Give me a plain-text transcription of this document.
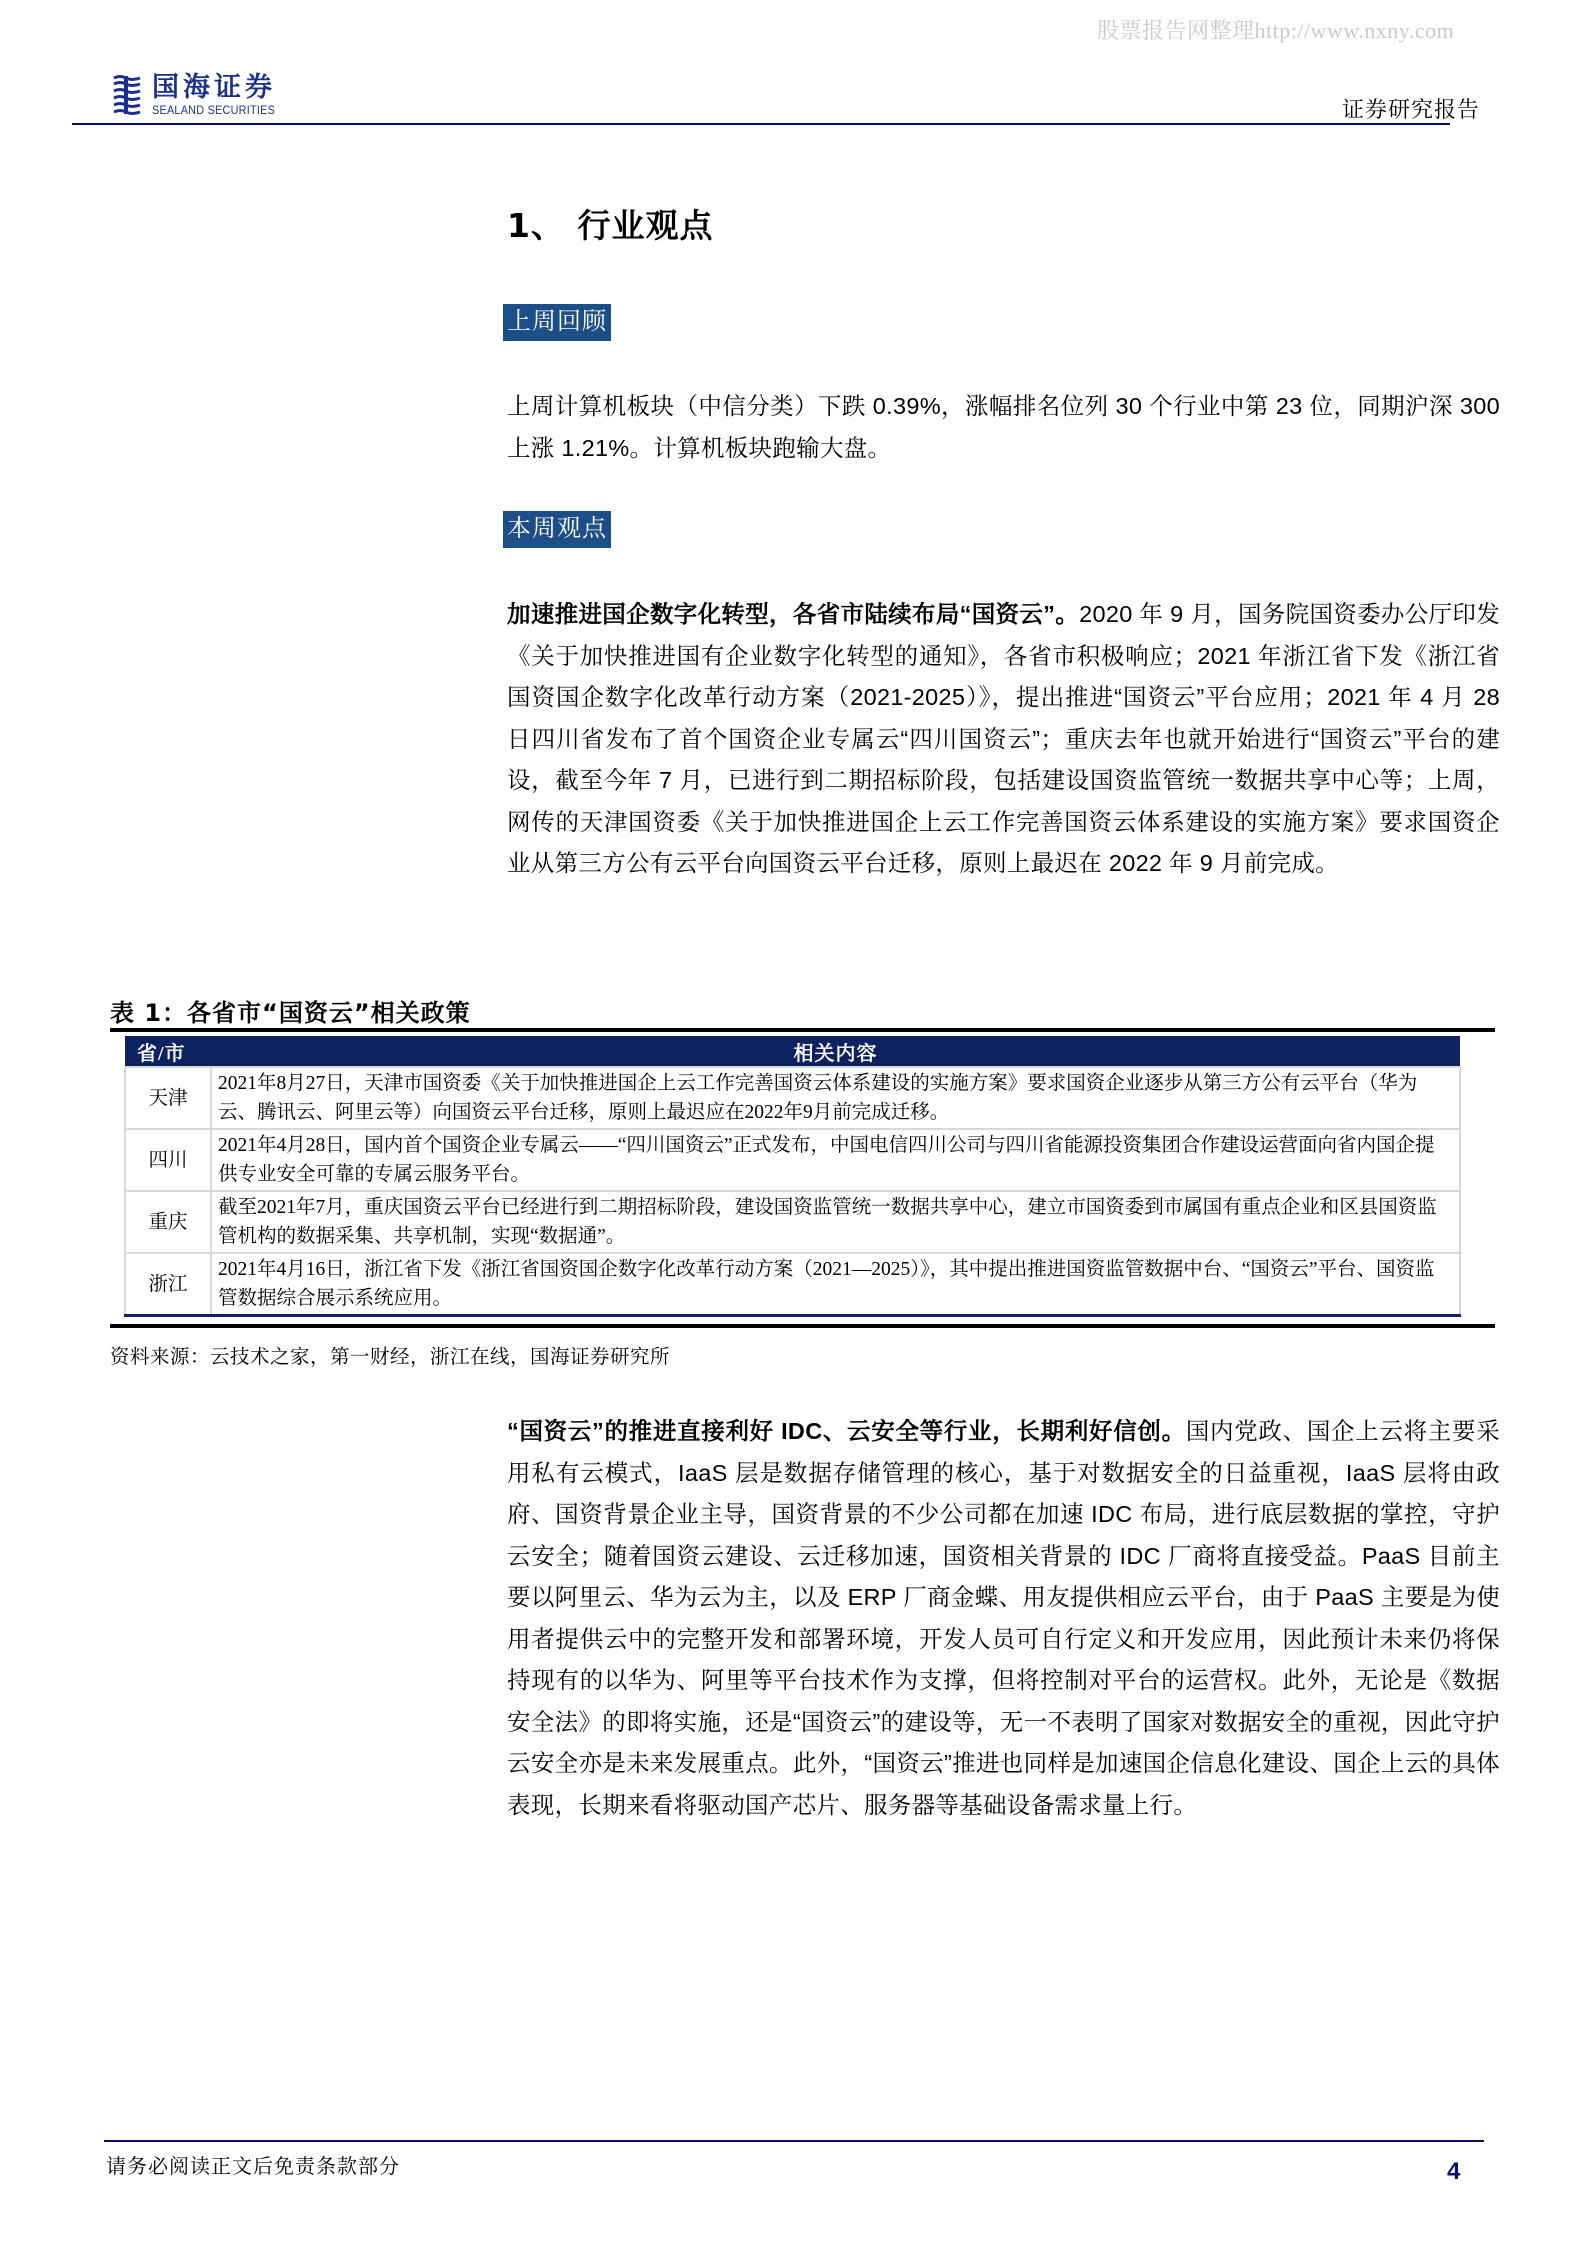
股票报告网整理http://www.nxny.com
国海证券
SEALAND SECURITIES	证券研究报告
1、 行业观点
上周回顾
上周计算机板块（中信分类）下跌 0.39%，涨幅排名位列 30 个行业中第 23 位，同期沪深 300 上涨 1.21%。计算机板块跑输大盘。
本周观点
加速推进国企数字化转型，各省市陆续布局“国资云”。2020 年 9 月，国务院国资委办公厅印发《关于加快推进国有企业数字化转型的通知》，各省市积极响应；2021 年浙江省下发《浙江省国资国企数字化改革行动方案（2021-2025）》，提出推进“国资云”平台应用；2021 年 4 月 28 日四川省发布了首个国资企业专属云“四川国资云”；重庆去年也就开始进行“国资云”平台的建设，截至今年 7 月，已进行到二期招标阶段，包括建设国资监管统一数据共享中心等；上周，网传的天津国资委《关于加快推进国企上云工作完善国资云体系建设的实施方案》要求国资企业从第三方公有云平台向国资云平台迁移，原则上最迟在 2022 年 9 月前完成。
表 1：各省市“国资云”相关政策
省/市	相关内容
天津	2021年8月27日，天津市国资委《关于加快推进国企上云工作完善国资云体系建设的实施方案》要求国资企业逐步从第三方公有云平台（华为云、腾讯云、阿里云等）向国资云平台迁移，原则上最迟应在2022年9月前完成迁移。
四川	2021年4月28日，国内首个国资企业专属云——“四川国资云”正式发布，中国电信四川公司与四川省能源投资集团合作建设运营面向省内国企提供专业安全可靠的专属云服务平台。
重庆	截至2021年7月，重庆国资云平台已经进行到二期招标阶段，建设国资监管统一数据共享中心，建立市国资委到市属国有重点企业和区县国资监管机构的数据采集、共享机制，实现“数据通”。
浙江	2021年4月16日，浙江省下发《浙江省国资国企数字化改革行动方案（2021—2025）》，其中提出推进国资监管数据中台、“国资云”平台、国资监管数据综合展示系统应用。
资料来源：云技术之家，第一财经，浙江在线，国海证券研究所
“国资云”的推进直接利好 IDC、云安全等行业，长期利好信创。国内党政、国企上云将主要采用私有云模式，IaaS 层是数据存储管理的核心，基于对数据安全的日益重视，IaaS 层将由政府、国资背景企业主导，国资背景的不少公司都在加速 IDC 布局，进行底层数据的掌控，守护云安全；随着国资云建设、云迁移加速，国资相关背景的 IDC 厂商将直接受益。PaaS 目前主要以阿里云、华为云为主，以及 ERP 厂商金蝶、用友提供相应云平台，由于 PaaS 主要是为使用者提供云中的完整开发和部署环境，开发人员可自行定义和开发应用，因此预计未来仍将保持现有的以华为、阿里等平台技术作为支撑，但将控制对平台的运营权。此外，无论是《数据安全法》的即将实施，还是“国资云”的建设等，无一不表明了国家对数据安全的重视，因此守护云安全亦是未来发展重点。此外，“国资云”推进也同样是加速国企信息化建设、国企上云的具体表现，长期来看将驱动国产芯片、服务器等基础设备需求量上行。
请务必阅读正文后免责条款部分	4
